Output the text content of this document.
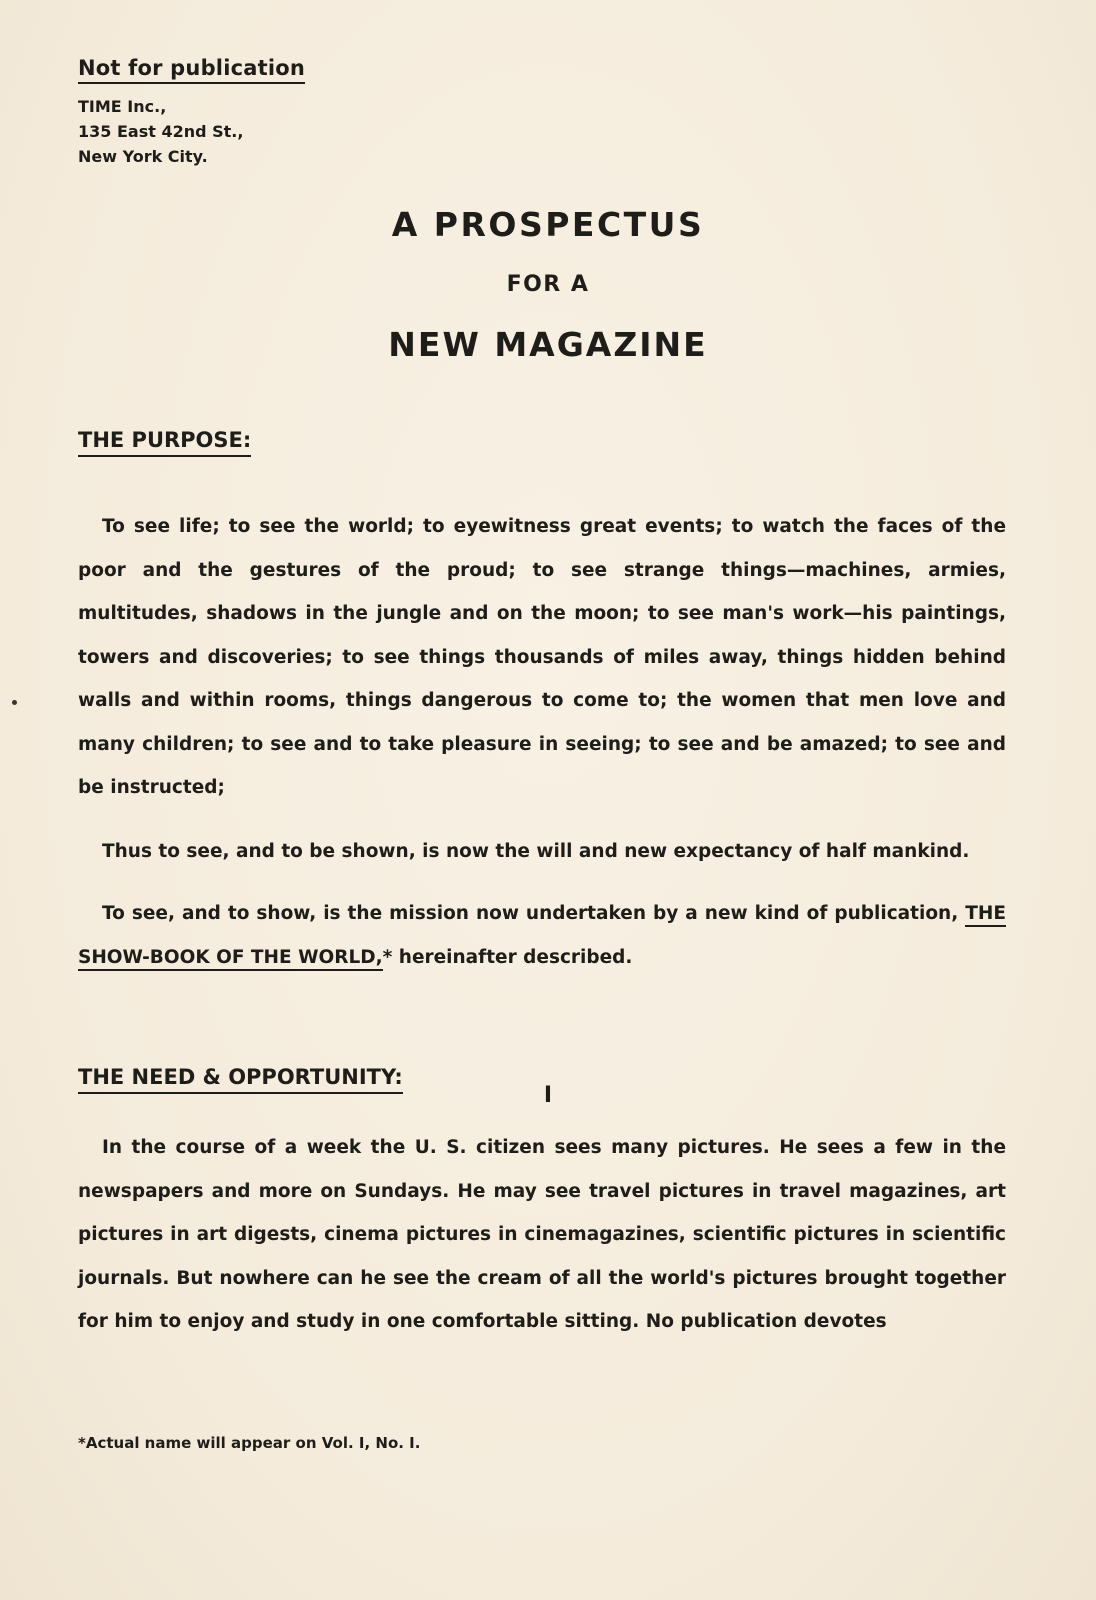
Not for publication
TIME Inc.,
135 East 42nd St.,
New York City.
A PROSPECTUS
FOR A
NEW MAGAZINE
THE PURPOSE:
To see life; to see the world; to eyewitness great events; to watch the faces of the poor and the gestures of the proud; to see strange things—machines, armies, multitudes, shadows in the jungle and on the moon; to see man's work—his paintings, towers and discoveries; to see things thousands of miles away, things hidden behind walls and within rooms, things dangerous to come to; the women that men love and many children; to see and to take pleasure in seeing; to see and be amazed; to see and be instructed;
Thus to see, and to be shown, is now the will and new expectancy of half mankind.
To see, and to show, is the mission now undertaken by a new kind of publication, THE SHOW-BOOK OF THE WORLD,* hereinafter described.
THE NEED & OPPORTUNITY:
I
In the course of a week the U. S. citizen sees many pictures. He sees a few in the newspapers and more on Sundays. He may see travel pictures in travel magazines, art pictures in art digests, cinema pictures in cinemagazines, scientific pictures in scientific journals. But nowhere can he see the cream of all the world's pictures brought together for him to enjoy and study in one comfortable sitting. No publication devotes
*Actual name will appear on Vol. I, No. I.
